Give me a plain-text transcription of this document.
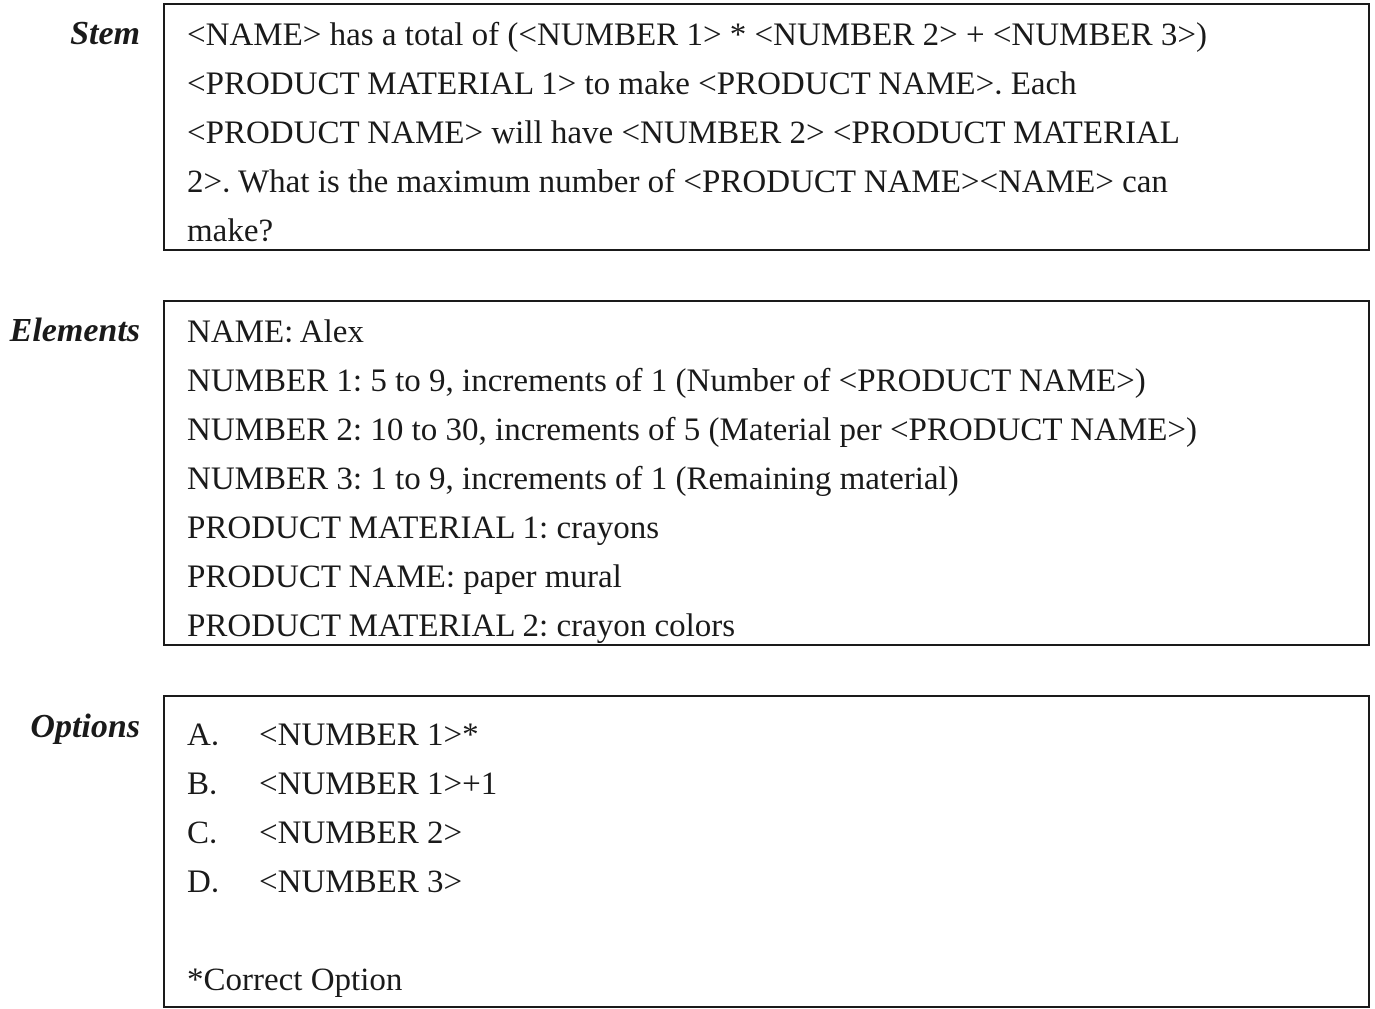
Stem <NAME> has a total of (<NUMBER 1> * <NUMBER 2> + <NUMBER 3>)
<PRODUCT MATERIAL 1> to make <PRODUCT NAME>. Each
<PRODUCT NAME> will have <NUMBER 2> <PRODUCT MATERIAL
2>. What is the maximum number of <PRODUCT NAME><NAME> can
make?
Elements NAME: Alex
NUMBER 1: 5 to 9, increments of 1 (Number of <PRODUCT NAME>)
NUMBER 2: 10 to 30, increments of 5 (Material per <PRODUCT NAME>)
NUMBER 3: 1 to 9, increments of 1 (Remaining material)
PRODUCT MATERIAL 1: crayons
PRODUCT NAME: paper mural
PRODUCT MATERIAL 2: crayon colors
Options A. <NUMBER 1>*
B. <NUMBER 1>+1
C. <NUMBER 2>
D. <NUMBER 3>
*Correct Option
